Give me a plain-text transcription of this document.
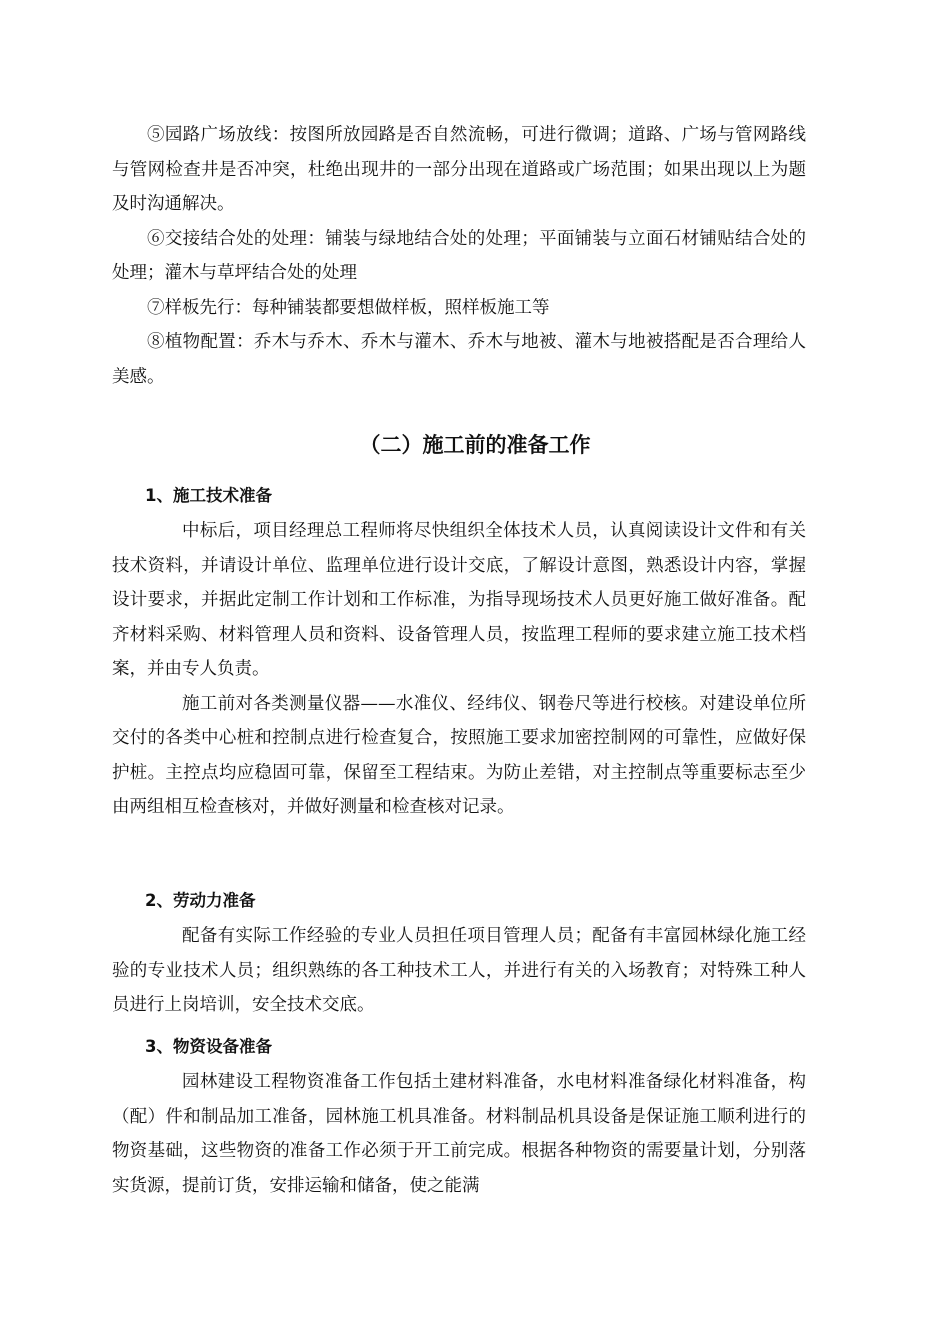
⑤园路广场放线：按图所放园路是否自然流畅，可进行微调；道路、广场与管网路线与管网检查井是否冲突，杜绝出现井的一部分出现在道路或广场范围；如果出现以上为题及时沟通解决。

⑥交接结合处的处理：铺装与绿地结合处的处理；平面铺装与立面石材铺贴结合处的处理；灌木与草坪结合处的处理

⑦样板先行：每种铺装都要想做样板，照样板施工等

⑧植物配置：乔木与乔木、乔木与灌木、乔木与地被、灌木与地被搭配是否合理给人美感。

（二）施工前的准备工作
1、施工技术准备

中标后，项目经理总工程师将尽快组织全体技术人员，认真阅读设计文件和有关技术资料，并请设计单位、监理单位进行设计交底，了解设计意图，熟悉设计内容，掌握设计要求，并据此定制工作计划和工作标准，为指导现场技术人员更好施工做好准备。配齐材料采购、材料管理人员和资料、设备管理人员，按监理工程师的要求建立施工技术档案，并由专人负责。

施工前对各类测量仪器——水准仪、经纬仪、钢卷尺等进行校核。对建设单位所交付的各类中心桩和控制点进行检查复合，按照施工要求加密控制网的可靠性，应做好保护桩。主控点均应稳固可靠，保留至工程结束。为防止差错，对主控制点等重要标志至少由两组相互检查核对，并做好测量和检查核对记录。

2、劳动力准备

配备有实际工作经验的专业人员担任项目管理人员；配备有丰富园林绿化施工经验的专业技术人员；组织熟练的各工种技术工人，并进行有关的入场教育；对特殊工种人员进行上岗培训，安全技术交底。

3、物资设备准备

园林建设工程物资准备工作包括土建材料准备，水电材料准备绿化材料准备，构（配）件和制品加工准备，园林施工机具准备。材料制品机具设备是保证施工顺利进行的物资基础，这些物资的准备工作必须于开工前完成。根据各种物资的需要量计划，分别落实货源，提前订货，安排运输和储备，使之能满
